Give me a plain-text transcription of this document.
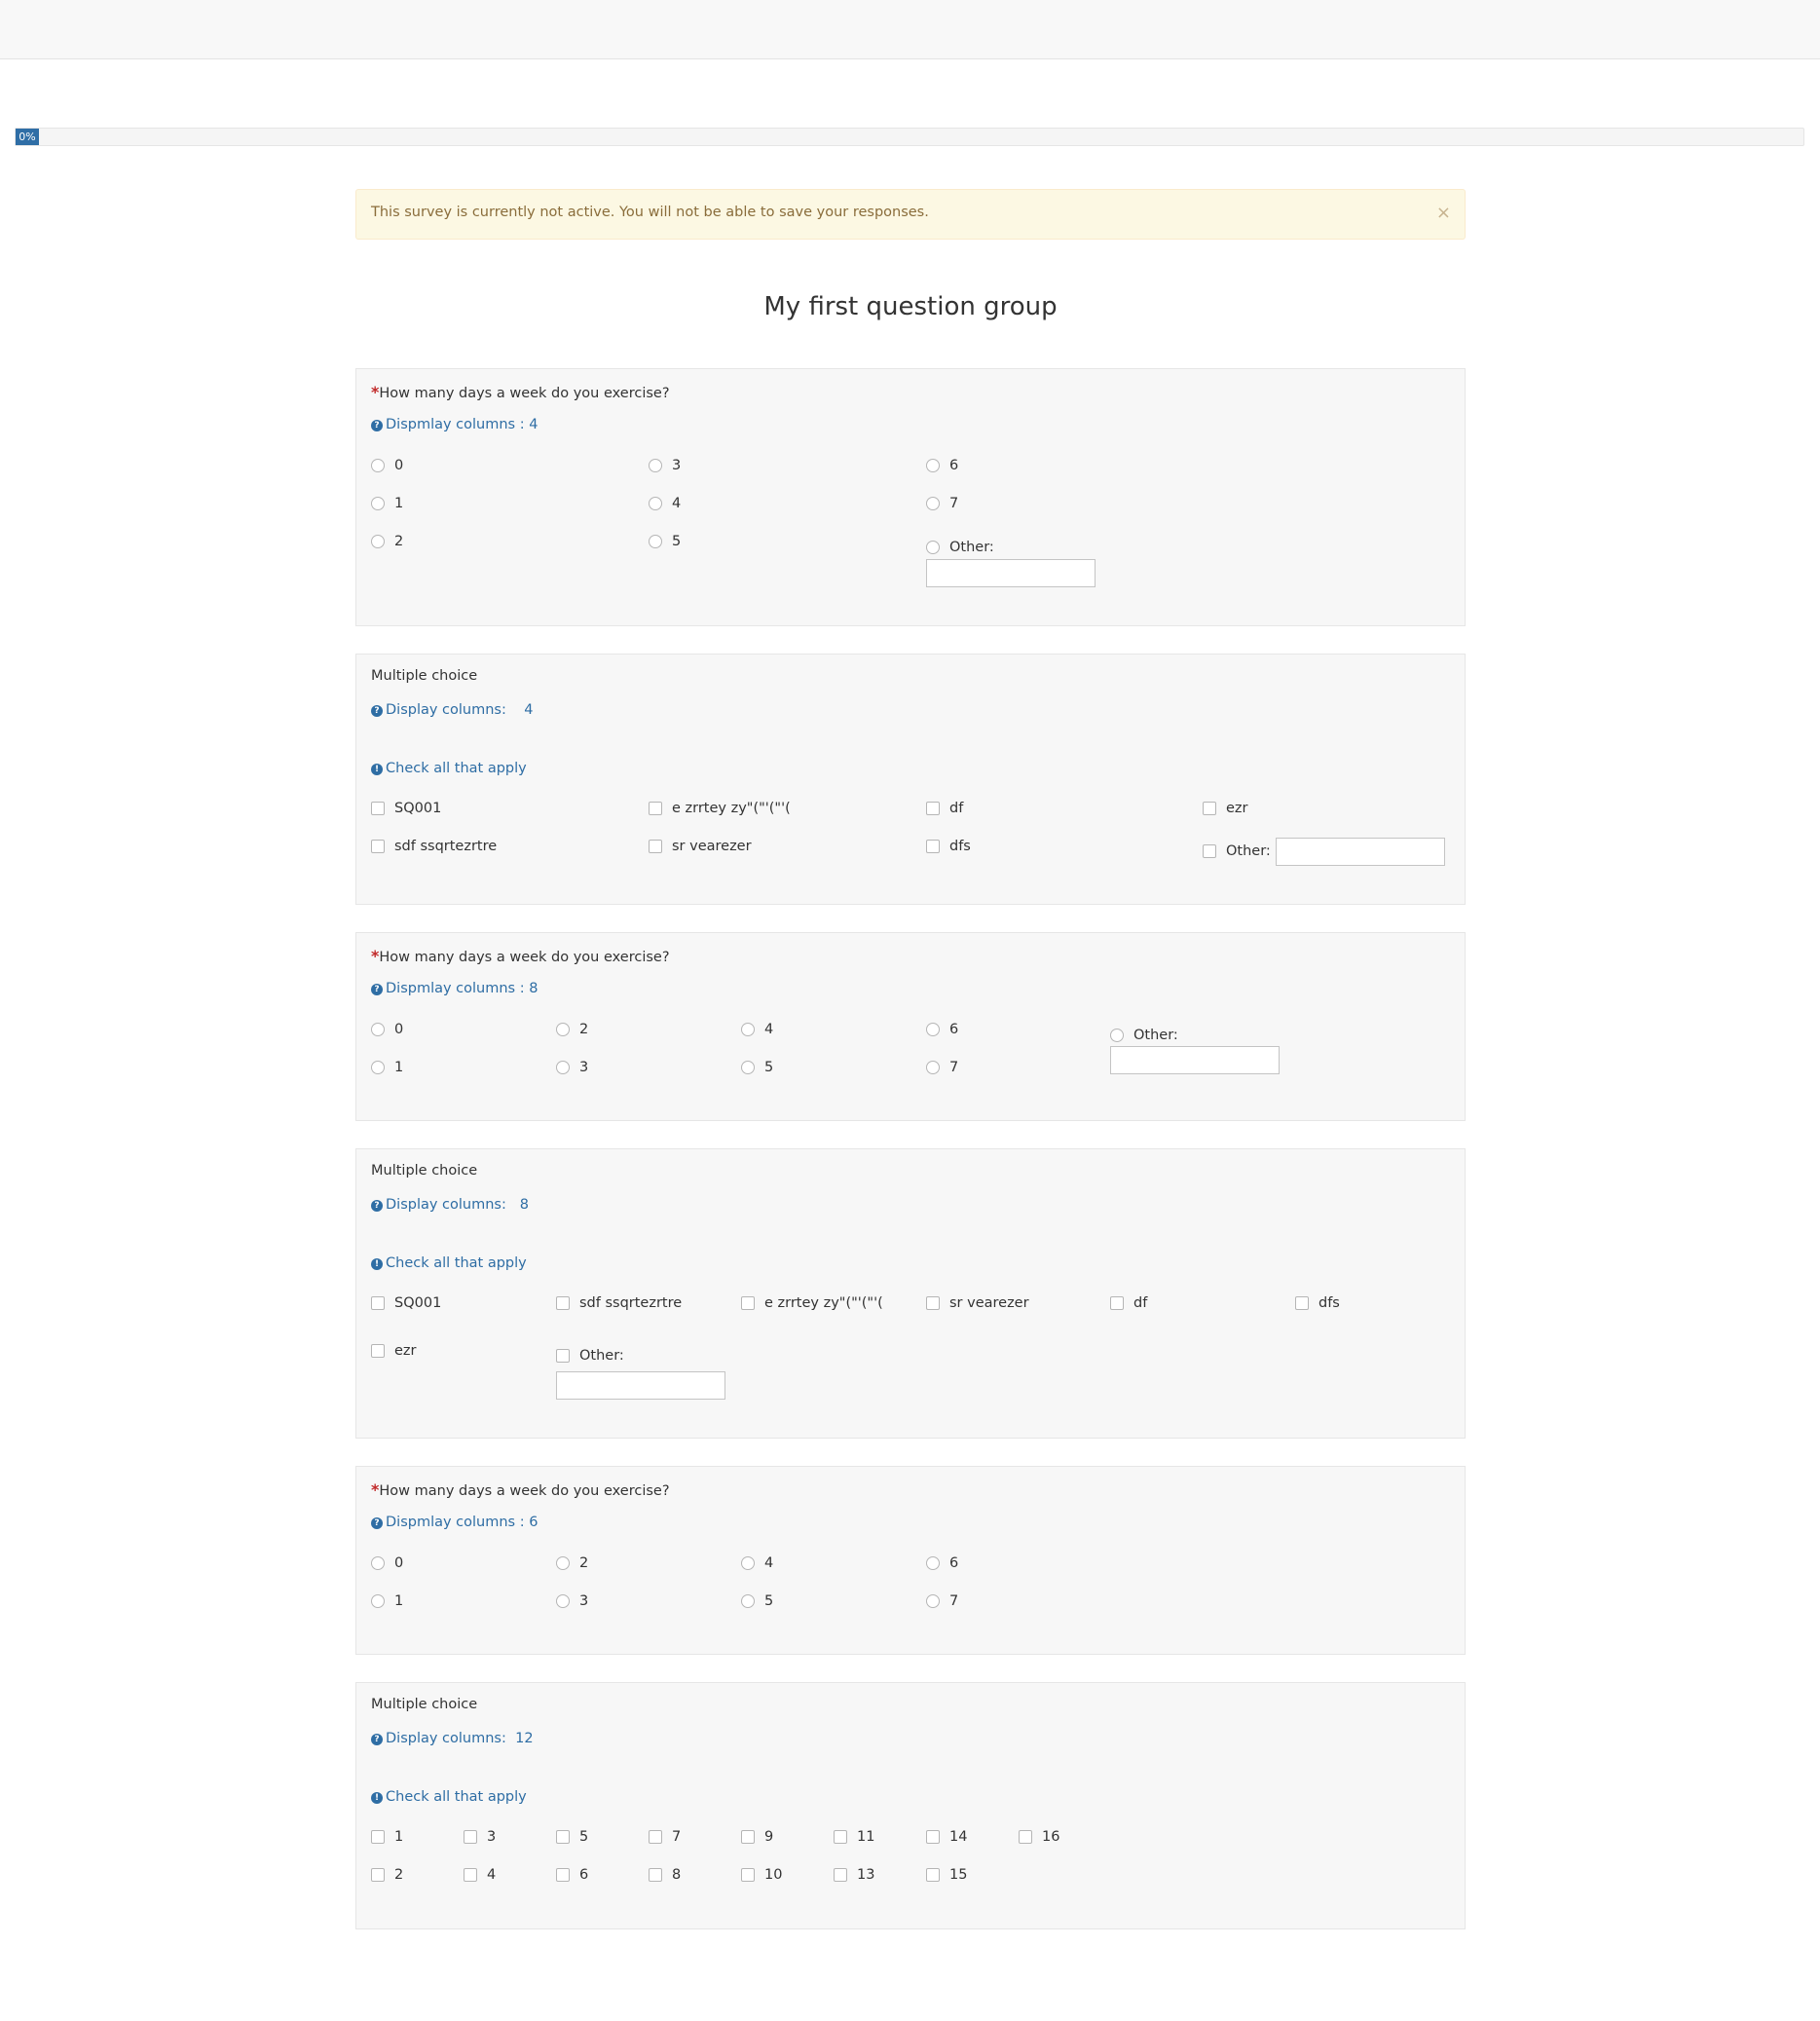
0%
This survey is currently not active. You will not be able to save your responses.	×
My first question group
*How many days a week do you exercise?
? Dispmlay columns : 4
0
1
2
3
4
5
6
7
Other:
Multiple choice
? Display columns:    4
! Check all that apply
SQ001
sdf ssqrtezrtre
e zrrtey zy"("'("'(
sr vearezer
df
dfs
ezr
Other:
*How many days a week do you exercise?
? Dispmlay columns : 8
0
1
2
3
4
5
6
7
Other:
Multiple choice
? Display columns:   8
! Check all that apply
SQ001	sdf ssqrtezrtre	e zrrtey zy"("'("'(	sr vearezer	df	dfs
ezr	Other:
*How many days a week do you exercise?
? Dispmlay columns : 6
0
1
2
3
4
5
6
7
Multiple choice
? Display columns:  12
! Check all that apply
1
2
3
4
5
6
7
8
9
10
11
13
14
15
16
